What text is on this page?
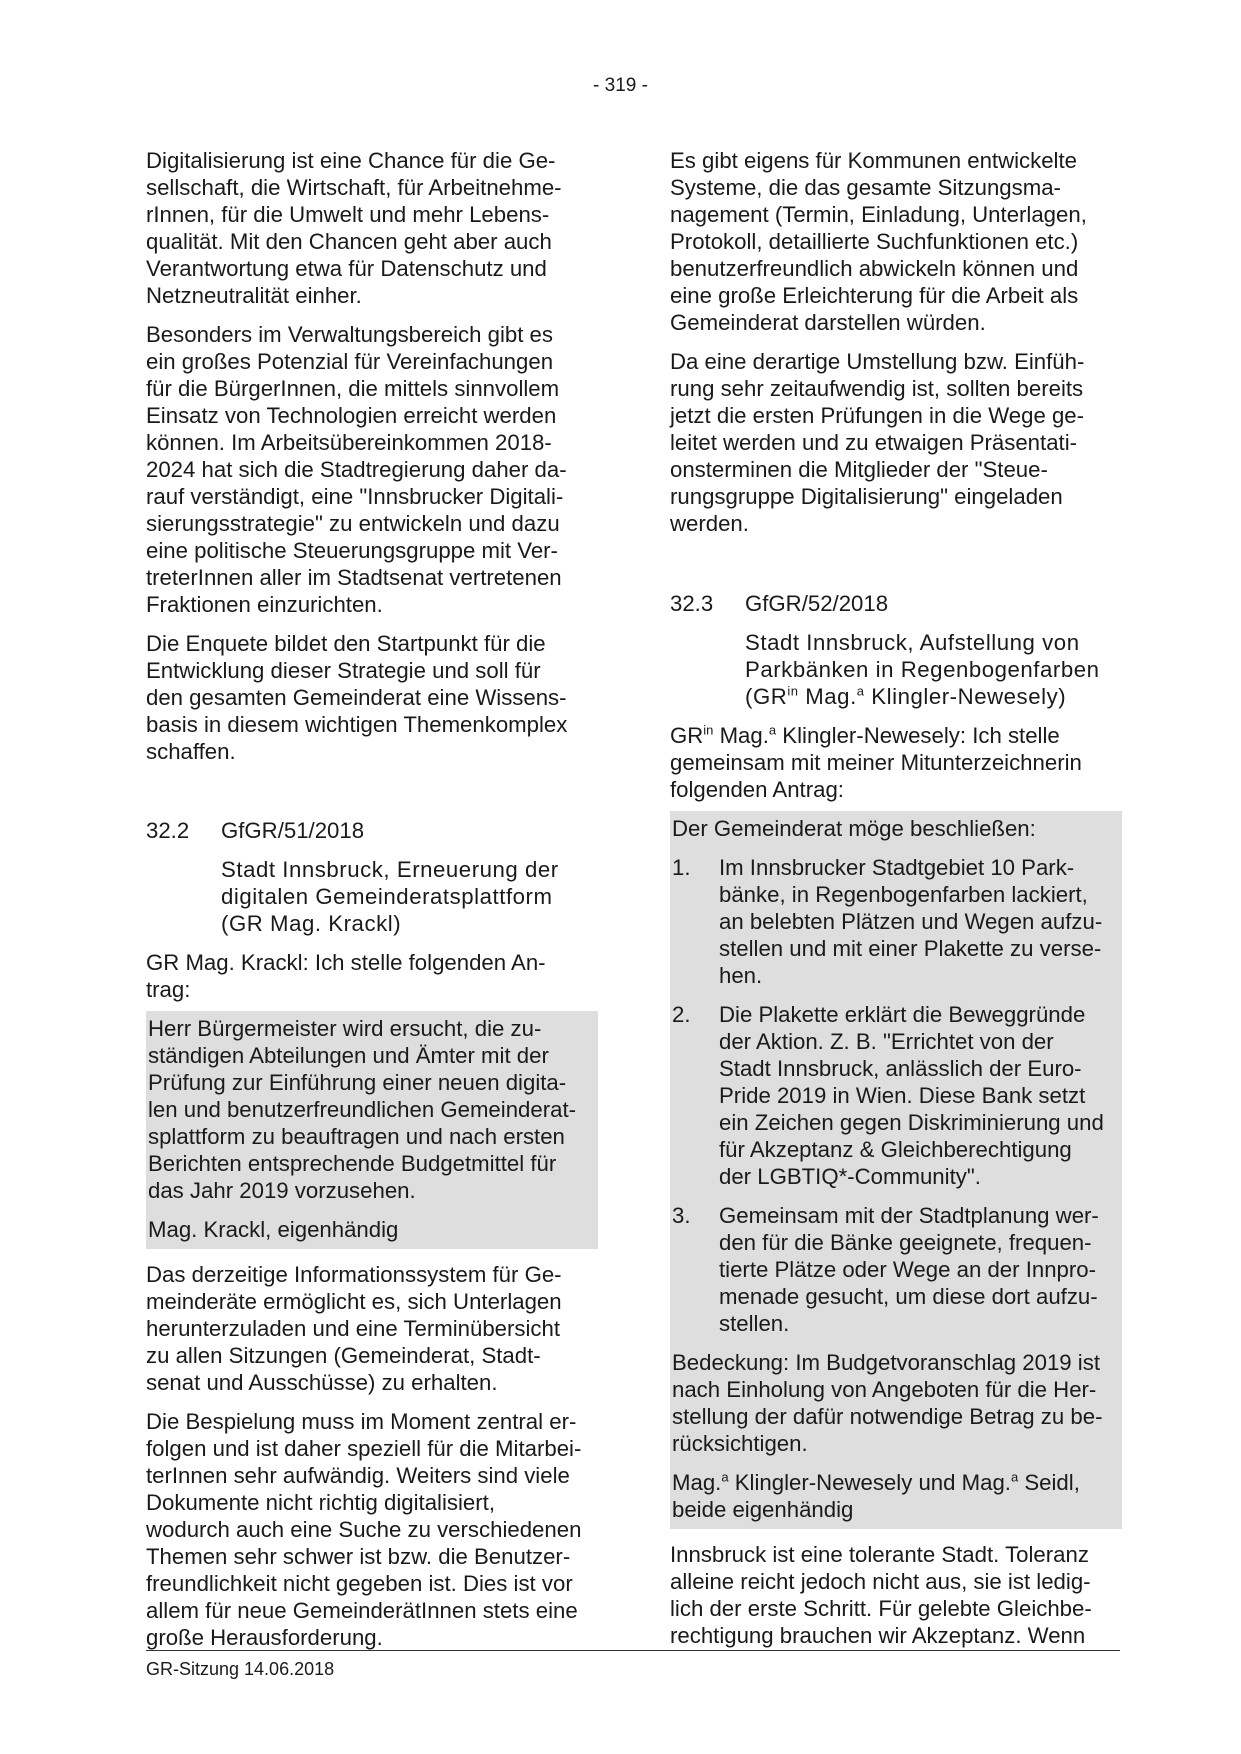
- 319 -

Digitalisierung ist eine Chance für die Ge-
sellschaft, die Wirtschaft, für Arbeitnehme-
rInnen, für die Umwelt und mehr Lebens-
qualität. Mit den Chancen geht aber auch
Verantwortung etwa für Datenschutz und
Netzneutralität einher.

Besonders im Verwaltungsbereich gibt es
ein großes Potenzial für Vereinfachungen
für die BürgerInnen, die mittels sinnvollem
Einsatz von Technologien erreicht werden
können. Im Arbeitsübereinkommen 2018-
2024 hat sich die Stadtregierung daher da-
rauf verständigt, eine "Innsbrucker Digitali-
sierungsstrategie" zu entwickeln und dazu
eine politische Steuerungsgruppe mit Ver-
treterInnen aller im Stadtsenat vertretenen
Fraktionen einzurichten.

Die Enquete bildet den Startpunkt für die
Entwicklung dieser Strategie und soll für
den gesamten Gemeinderat eine Wissens-
basis in diesem wichtigen Themenkomplex
schaffen.

32.2	GfGR/51/2018

Stadt Innsbruck, Erneuerung der
digitalen Gemeinderatsplattform
(GR Mag. Krackl)

GR Mag. Krackl: Ich stelle folgenden An-
trag:

Herr Bürgermeister wird ersucht, die zu-
ständigen Abteilungen und Ämter mit der
Prüfung zur Einführung einer neuen digita-
len und benutzerfreundlichen Gemeinderat-
splattform zu beauftragen und nach ersten
Berichten entsprechende Budgetmittel für
das Jahr 2019 vorzusehen.

Mag. Krackl, eigenhändig

Das derzeitige Informationssystem für Ge-
meinderäte ermöglicht es, sich Unterlagen
herunterzuladen und eine Terminübersicht
zu allen Sitzungen (Gemeinderat, Stadt-
senat und Ausschüsse) zu erhalten.

Die Bespielung muss im Moment zentral er-
folgen und ist daher speziell für die Mitarbei-
terInnen sehr aufwändig. Weiters sind viele
Dokumente nicht richtig digitalisiert,
wodurch auch eine Suche zu verschiedenen
Themen sehr schwer ist bzw. die Benutzer-
freundlichkeit nicht gegeben ist. Dies ist vor
allem für neue GemeinderätInnen stets eine
große Herausforderung.

Es gibt eigens für Kommunen entwickelte
Systeme, die das gesamte Sitzungsma-
nagement (Termin, Einladung, Unterlagen,
Protokoll, detaillierte Suchfunktionen etc.)
benutzerfreundlich abwickeln können und
eine große Erleichterung für die Arbeit als
Gemeinderat darstellen würden.

Da eine derartige Umstellung bzw. Einfüh-
rung sehr zeitaufwendig ist, sollten bereits
jetzt die ersten Prüfungen in die Wege ge-
leitet werden und zu etwaigen Präsentati-
onsterminen die Mitglieder der "Steue-
rungsgruppe Digitalisierung" eingeladen
werden.

32.3	GfGR/52/2018

Stadt Innsbruck, Aufstellung von
Parkbänken in Regenbogenfarben
($GR^{in}$ Mag.$^a$ Klingler-Newesely)

$GR^{in}$ Mag.$^a$ Klingler-Newesely: Ich stelle
gemeinsam mit meiner Mitunterzeichnerin
folgenden Antrag:

Der Gemeinderat möge beschließen:

1.	Im Innsbrucker Stadtgebiet 10 Park-
bänke, in Regenbogenfarben lackiert,
an belebten Plätzen und Wegen aufzu-
stellen und mit einer Plakette zu verse-
hen.
2.	Die Plakette erklärt die Beweggründe
der Aktion. Z. B. "Errichtet von der
Stadt Innsbruck, anlässlich der Euro-
Pride 2019 in Wien. Diese Bank setzt
ein Zeichen gegen Diskriminierung und
für Akzeptanz & Gleichberechtigung
der LGBTIQ*-Community".
3.	Gemeinsam mit der Stadtplanung wer-
den für die Bänke geeignete, frequen-
tierte Plätze oder Wege an der Innpro-
menade gesucht, um diese dort aufzu-
stellen.

Bedeckung: Im Budgetvoranschlag 2019 ist
nach Einholung von Angeboten für die Her-
stellung der dafür notwendige Betrag zu be-
rücksichtigen.

Mag.$^a$ Klingler-Newesely und Mag.$^a$ Seidl,
beide eigenhändig

Innsbruck ist eine tolerante Stadt. Toleranz
alleine reicht jedoch nicht aus, sie ist ledig-
lich der erste Schritt. Für gelebte Gleichbe-
rechtigung brauchen wir Akzeptanz. Wenn

GR-Sitzung 14.06.2018
